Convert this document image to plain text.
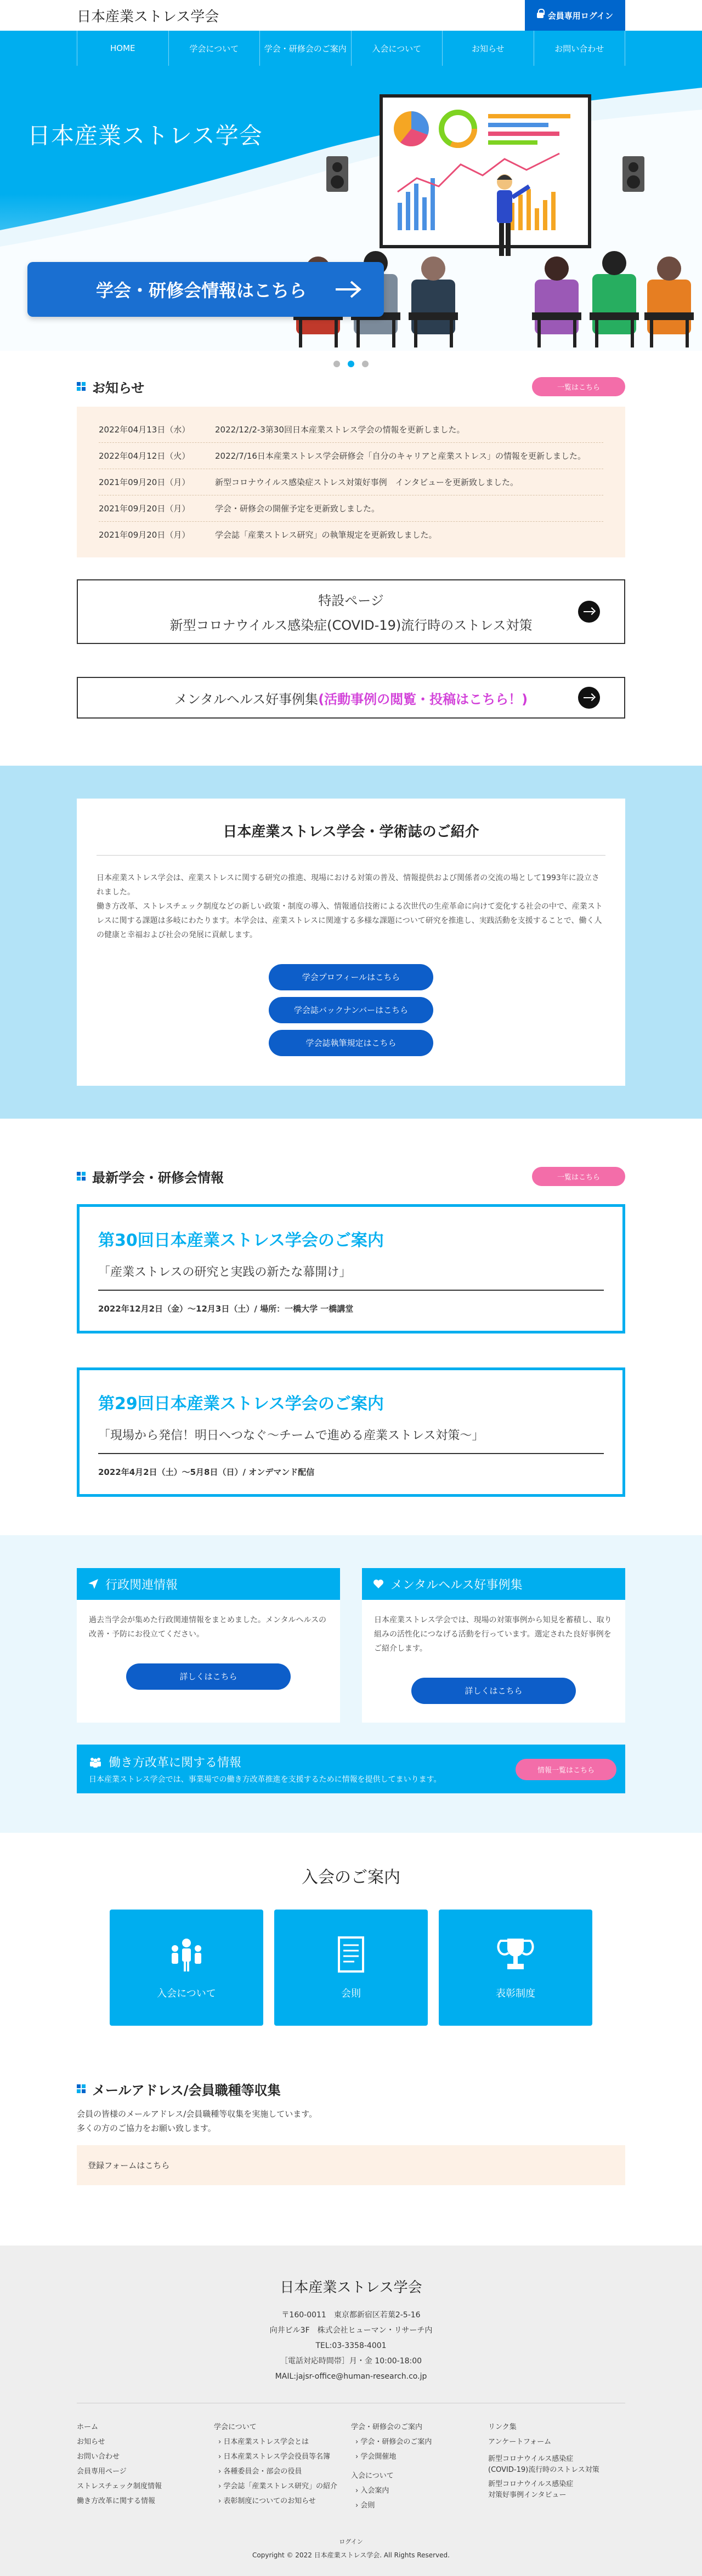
日本産業ストレス学会	会員専用ログイン
HOME	学会について	学会・研修会のご案内	入会について	お知らせ	お問い合わせ
日本産業ストレス学会
学会・研修会情報はこちら
お知らせ	一覧はこちら
2022年04月13日（水）	2022/12/2-3第30回日本産業ストレス学会の情報を更新しました。
2022年04月12日（火）	2022/7/16日本産業ストレス学会研修会「自分のキャリアと産業ストレス」の情報を更新しました。
2021年09月20日（月）	新型コロナウイルス感染症ストレス対策好事例　インタビューを更新致しました。
2021年09月20日（月）	学会・研修会の開催予定を更新致しました。
2021年09月20日（月）	学会誌「産業ストレス研究」の執筆規定を更新致しました。
特設ページ
新型コロナウイルス感染症(COVID-19)流行時のストレス対策
メンタルヘルス好事例集 (活動事例の閲覧・投稿はこちら！)
日本産業ストレス学会・学術誌のご紹介

日本産業ストレス学会は、産業ストレスに関する研究の推進、現場における対策の普及、情報提供および関係者の交流の場として1993年に設立されました。
働き方改革、ストレスチェック制度などの新しい政策・制度の導入、情報通信技術による次世代の生産革命に向けて変化する社会の中で、産業ストレスに関する課題は多岐にわたります。本学会は、産業ストレスに関連する多様な課題について研究を推進し、実践活動を支援することで、働く人の健康と幸福および社会の発展に貢献します。

学会プロフィールはこちら
学会誌バックナンバーはこちら
学会誌執筆規定はこちら
最新学会・研修会情報	一覧はこちら
第30回日本産業ストレス学会のご案内
「産業ストレスの研究と実践の新たな幕開け」
2022年12月2日（金）～12月3日（土）/ 場所：一橋大学 一橋講堂
第29回日本産業ストレス学会のご案内
「現場から発信！明日へつなぐ～チームで進める産業ストレス対策～」
2022年4月2日（土）～5月8日（日）/ オンデマンド配信
行政関連情報
過去当学会が集めた行政関連情報をまとめました。メンタルヘルスの改善・予防にお役立てください。
詳しくはこちら
メンタルヘルス好事例集
日本産業ストレス学会では、現場の対策事例から知見を蓄積し、取り組みの活性化につなげる活動を行っています。選定された良好事例をご紹介します。
詳しくはこちら
働き方改革に関する情報
日本産業ストレス学会では、事業場での働き方改革推進を支援するために情報を提供してまいります。
情報一覧はこちら
入会のご案内
入会について	会則	表彰制度
メールアドレス/会員職種等収集

会員の皆様のメールアドレス/会員職種等収集を実施しています。
多くの方のご協力をお願い致します。

登録フォームはこちら
日本産業ストレス学会
〒160-0011　東京都新宿区若葉2-5-16
向井ビル3F　株式会社ヒューマン・リサーチ内
TEL:03-3358-4001
［電話対応時間帯］月・金 10:00-18:00
MAIL:jajsr-office@human-research.co.jp
ホーム
お知らせ
お問い合わせ
会員専用ページ
ストレスチェック制度情報
働き方改革に関する情報
学会について
› 日本産業ストレス学会とは
› 日本産業ストレス学会役員等名簿
› 各種委員会・部会の役員
› 学会誌「産業ストレス研究」の紹介
› 表彰制度についてのお知らせ
学会・研修会のご案内
› 学会・研修会のご案内
› 学会開催地
入会について
› 入会案内
› 会則
リンク集
アンケートフォーム
新型コロナウイルス感染症
(COVID-19)流行時のストレス対策
新型コロナウイルス感染症
対策好事例インタビュー
ログイン
Copyright © 2022 日本産業ストレス学会. All Rights Reserved.
